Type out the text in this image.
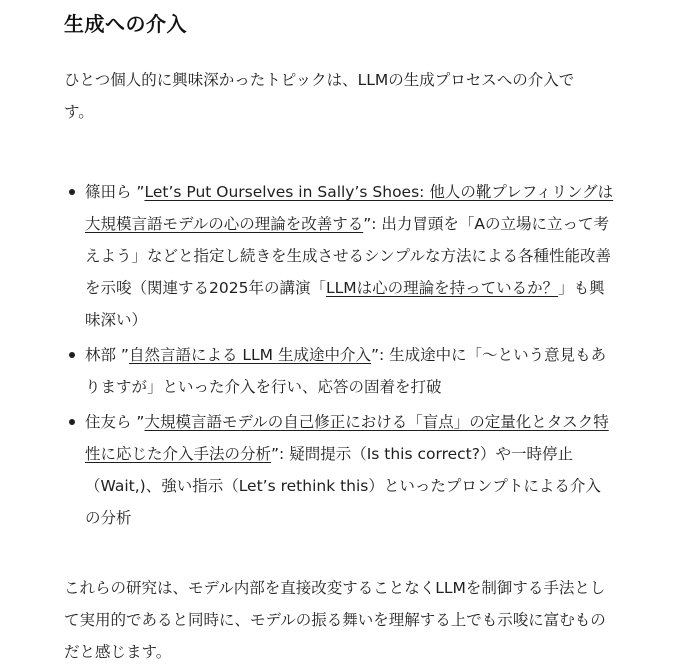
生成への介入

ひとつ個人的に興味深かったトピックは、LLMの生成プロセスへの介入です。

篠田ら ”Let’s Put Ourselves in Sally’s Shoes: 他人の靴プレフィリングは大規模言語モデルの心の理論を改善する”: 出力冒頭を「Aの立場に立って考えよう」などと指定し続きを生成させるシンプルな方法による各種性能改善を示唆（関連する2025年の講演「LLMは心の理論を持っているか？」も興味深い）
林部 ”自然言語による LLM 生成途中介入”: 生成途中に「〜という意見もありますが」といった介入を行い、応答の固着を打破
住友ら ”大規模言語モデルの自己修正における「盲点」の定量化とタスク特性に応じた介入手法の分析”: 疑問提示（Is this correct?）や一時停止（Wait,)、強い指示（Let’s rethink this）といったプロンプトによる介入の分析

これらの研究は、モデル内部を直接改変することなくLLMを制御する手法として実用的であると同時に、モデルの振る舞いを理解する上でも示唆に富むものだと感じます。
